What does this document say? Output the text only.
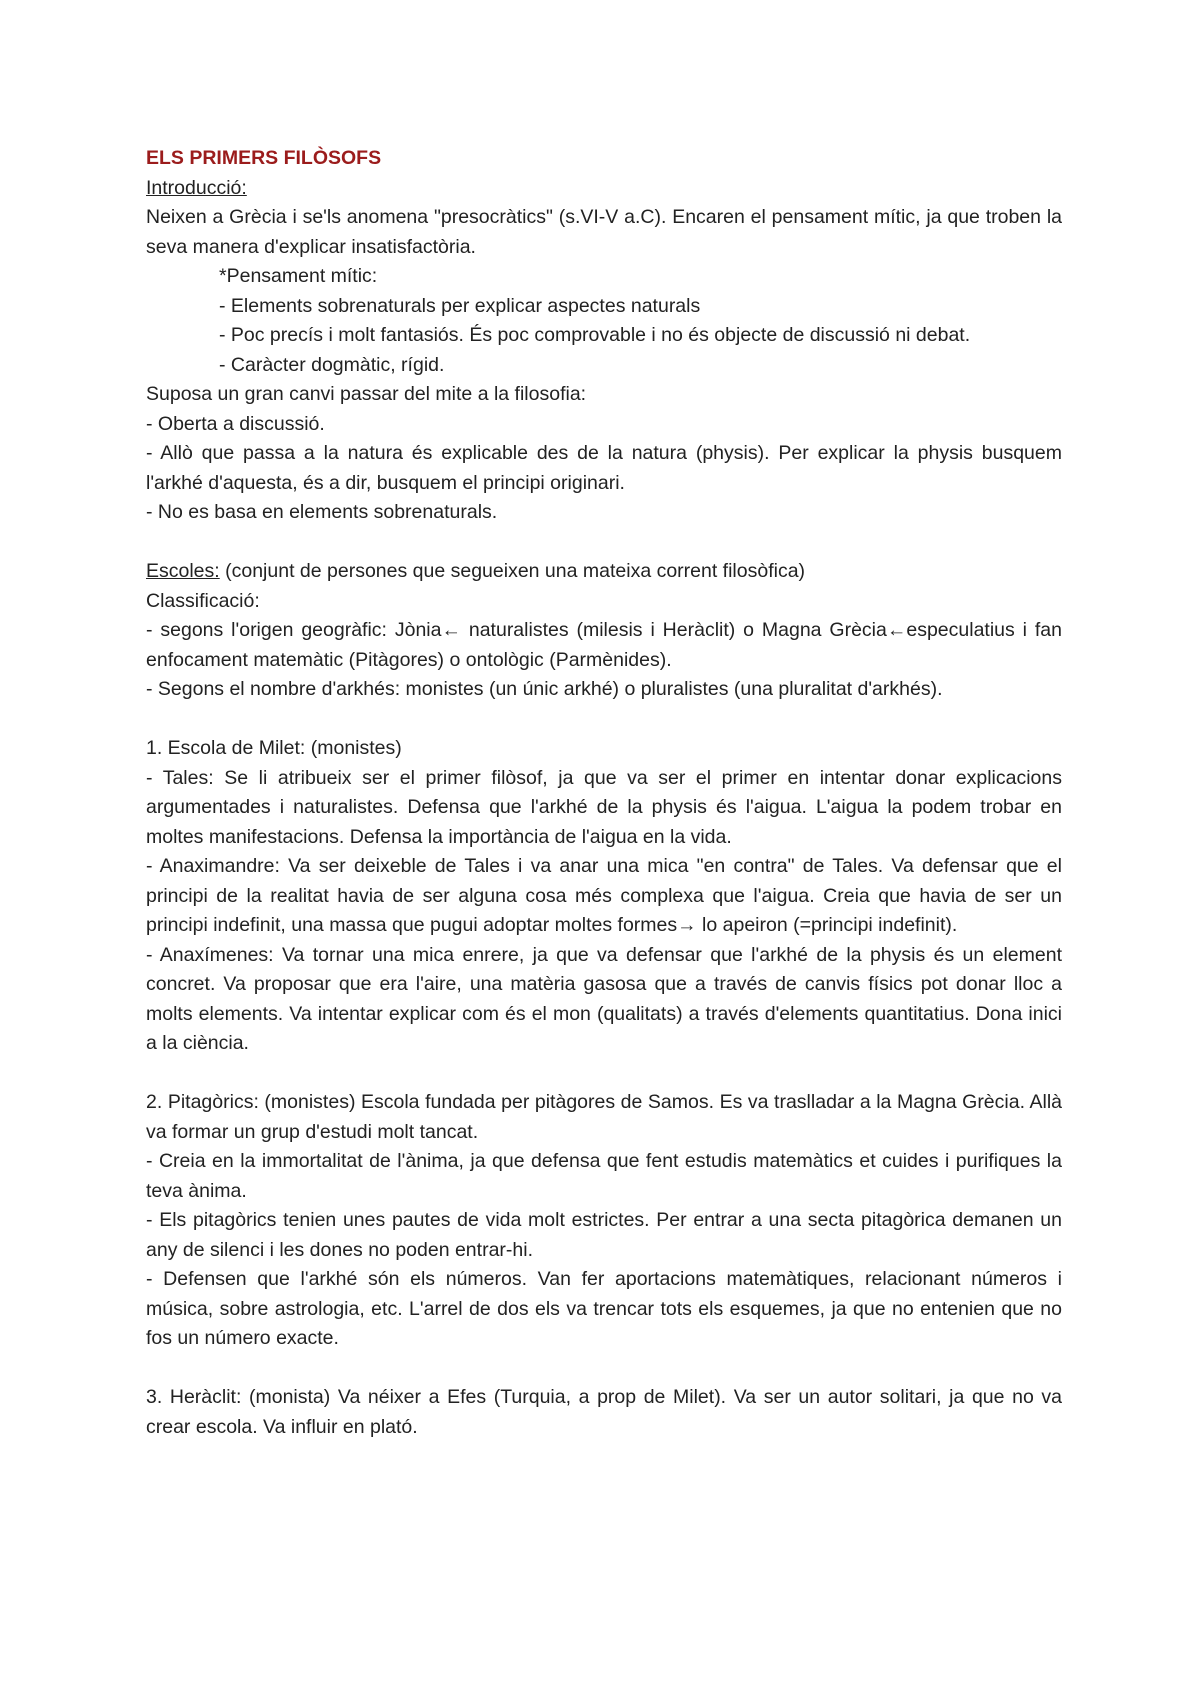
ELS PRIMERS FILÒSOFS
Introducció:

Neixen a Grècia i se'ls anomena "presocràtics" (s.VI-V a.C). Encaren el pensament mític, ja que troben la seva manera d'explicar insatisfactòria.

*Pensament mític:
- Elements sobrenaturals per explicar aspectes naturals
- Poc precís i molt fantasiós. És poc comprovable i no és objecte de discussió ni debat.
- Caràcter dogmàtic, rígid.

Suposa un gran canvi passar del mite a la filosofia:

- Oberta a discussió.

- Allò que passa a la natura és explicable des de la natura (physis). Per explicar la physis busquem l'arkhé d'aquesta, és a dir, busquem el principi originari.

- No es basa en elements sobrenaturals.

Escoles: (conjunt de persones que segueixen una mateixa corrent filosòfica)

Classificació:

- segons l'origen geogràfic: Jònia← naturalistes (milesis i Heràclit) o Magna Grècia←especulatius i fan enfocament matemàtic (Pitàgores) o ontològic (Parmènides).

- Segons el nombre d'arkhés: monistes (un únic arkhé) o pluralistes (una pluralitat d'arkhés).

1. Escola de Milet: (monistes)

- Tales: Se li atribueix ser el primer filòsof, ja que va ser el primer en intentar donar explicacions argumentades i naturalistes. Defensa que l'arkhé de la physis és l'aigua. L'aigua la podem trobar en moltes manifestacions. Defensa la importància de l'aigua en la vida.

- Anaximandre: Va ser deixeble de Tales i va anar una mica "en contra" de Tales. Va defensar que el principi de la realitat havia de ser alguna cosa més complexa que l'aigua. Creia que havia de ser un principi indefinit, una massa que pugui adoptar moltes formes→ lo apeiron (=principi indefinit).

- Anaxímenes: Va tornar una mica enrere, ja que va defensar que l'arkhé de la physis és un element concret. Va proposar que era l'aire, una matèria gasosa que a través de canvis físics pot donar lloc a molts elements. Va intentar explicar com és el mon (qualitats) a través d'elements quantitatius. Dona inici a la ciència.

2. Pitagòrics: (monistes) Escola fundada per pitàgores de Samos. Es va traslladar a la Magna Grècia. Allà va formar un grup d'estudi molt tancat.

- Creia en la immortalitat de l'ànima, ja que defensa que fent estudis matemàtics et cuides i purifiques la teva ànima.

- Els pitagòrics tenien unes pautes de vida molt estrictes. Per entrar a una secta pitagòrica demanen un any de silenci i les dones no poden entrar-hi.

- Defensen que l'arkhé són els números. Van fer aportacions matemàtiques, relacionant números i música, sobre astrologia, etc. L'arrel de dos els va trencar tots els esquemes, ja que no entenien que no fos un número exacte.

3. Heràclit: (monista) Va néixer a Efes (Turquia, a prop de Milet). Va ser un autor solitari, ja que no va crear escola. Va influir en plató.
